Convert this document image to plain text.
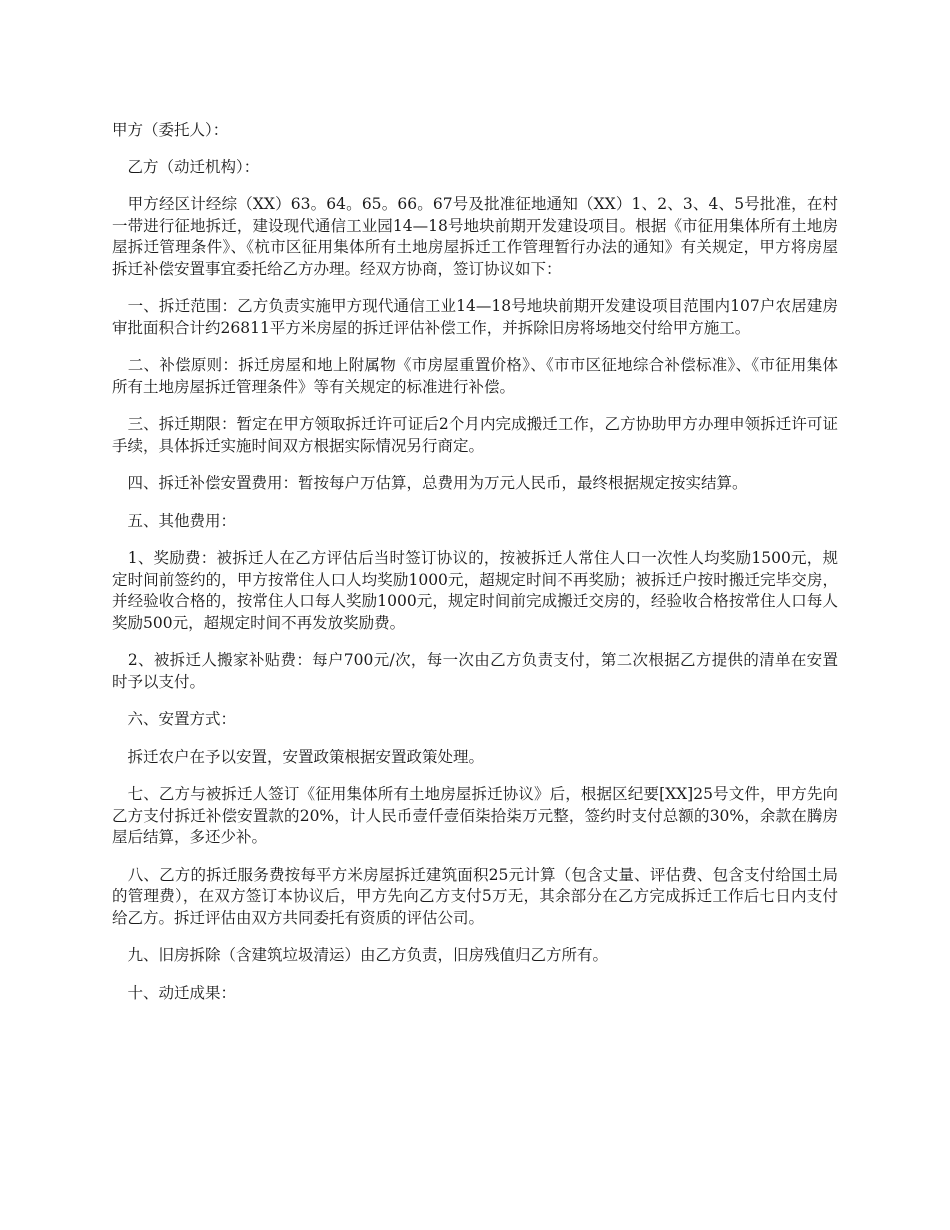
甲方（委托人）：

　乙方（动迁机构）：

　甲方经区计经综（XX）63。64。65。66。67号及批准征地通知（XX）1、2、3、4、5号批准，在村一带进行征地拆迁，建设现代通信工业园14—18号地块前期开发建设项目。根据《市征用集体所有土地房屋拆迁管理条件》、《杭市区征用集体所有土地房屋拆迁工作管理暂行办法的通知》有关规定，甲方将房屋拆迁补偿安置事宜委托给乙方办理。经双方协商，签订协议如下：

　一、拆迁范围：乙方负责实施甲方现代通信工业14—18号地块前期开发建设项目范围内107户农居建房审批面积合计约26811平方米房屋的拆迁评估补偿工作，并拆除旧房将场地交付给甲方施工。

　二、补偿原则：拆迁房屋和地上附属物《市房屋重置价格》、《市市区征地综合补偿标准》、《市征用集体所有土地房屋拆迁管理条件》等有关规定的标准进行补偿。

　三、拆迁期限：暂定在甲方领取拆迁许可证后2个月内完成搬迁工作，乙方协助甲方办理申领拆迁许可证手续，具体拆迁实施时间双方根据实际情况另行商定。

　四、拆迁补偿安置费用：暂按每户万估算，总费用为万元人民币，最终根据规定按实结算。

　五、其他费用：

　1、奖励费：被拆迁人在乙方评估后当时签订协议的，按被拆迁人常住人口一次性人均奖励1500元，规定时间前签约的，甲方按常住人口人均奖励1000元，超规定时间不再奖励；被拆迁户按时搬迁完毕交房，并经验收合格的，按常住人口每人奖励1000元，规定时间前完成搬迁交房的，经验收合格按常住人口每人奖励500元，超规定时间不再发放奖励费。

　2、被拆迁人搬家补贴费：每户700元/次，每一次由乙方负责支付，第二次根据乙方提供的清单在安置时予以支付。

　六、安置方式：

　拆迁农户在予以安置，安置政策根据安置政策处理。

　七、乙方与被拆迁人签订《征用集体所有土地房屋拆迁协议》后，根据区纪要[XX]25号文件，甲方先向乙方支付拆迁补偿安置款的20%，计人民币壹仟壹佰柒拾柒万元整，签约时支付总额的30%，余款在腾房屋后结算，多还少补。

　八、乙方的拆迁服务费按每平方米房屋拆迁建筑面积25元计算（包含丈量、评估费、包含支付给国土局的管理费），在双方签订本协议后，甲方先向乙方支付5万无，其余部分在乙方完成拆迁工作后七日内支付给乙方。拆迁评估由双方共同委托有资质的评估公司。

　九、旧房拆除（含建筑垃圾清运）由乙方负责，旧房残值归乙方所有。

　十、动迁成果：
